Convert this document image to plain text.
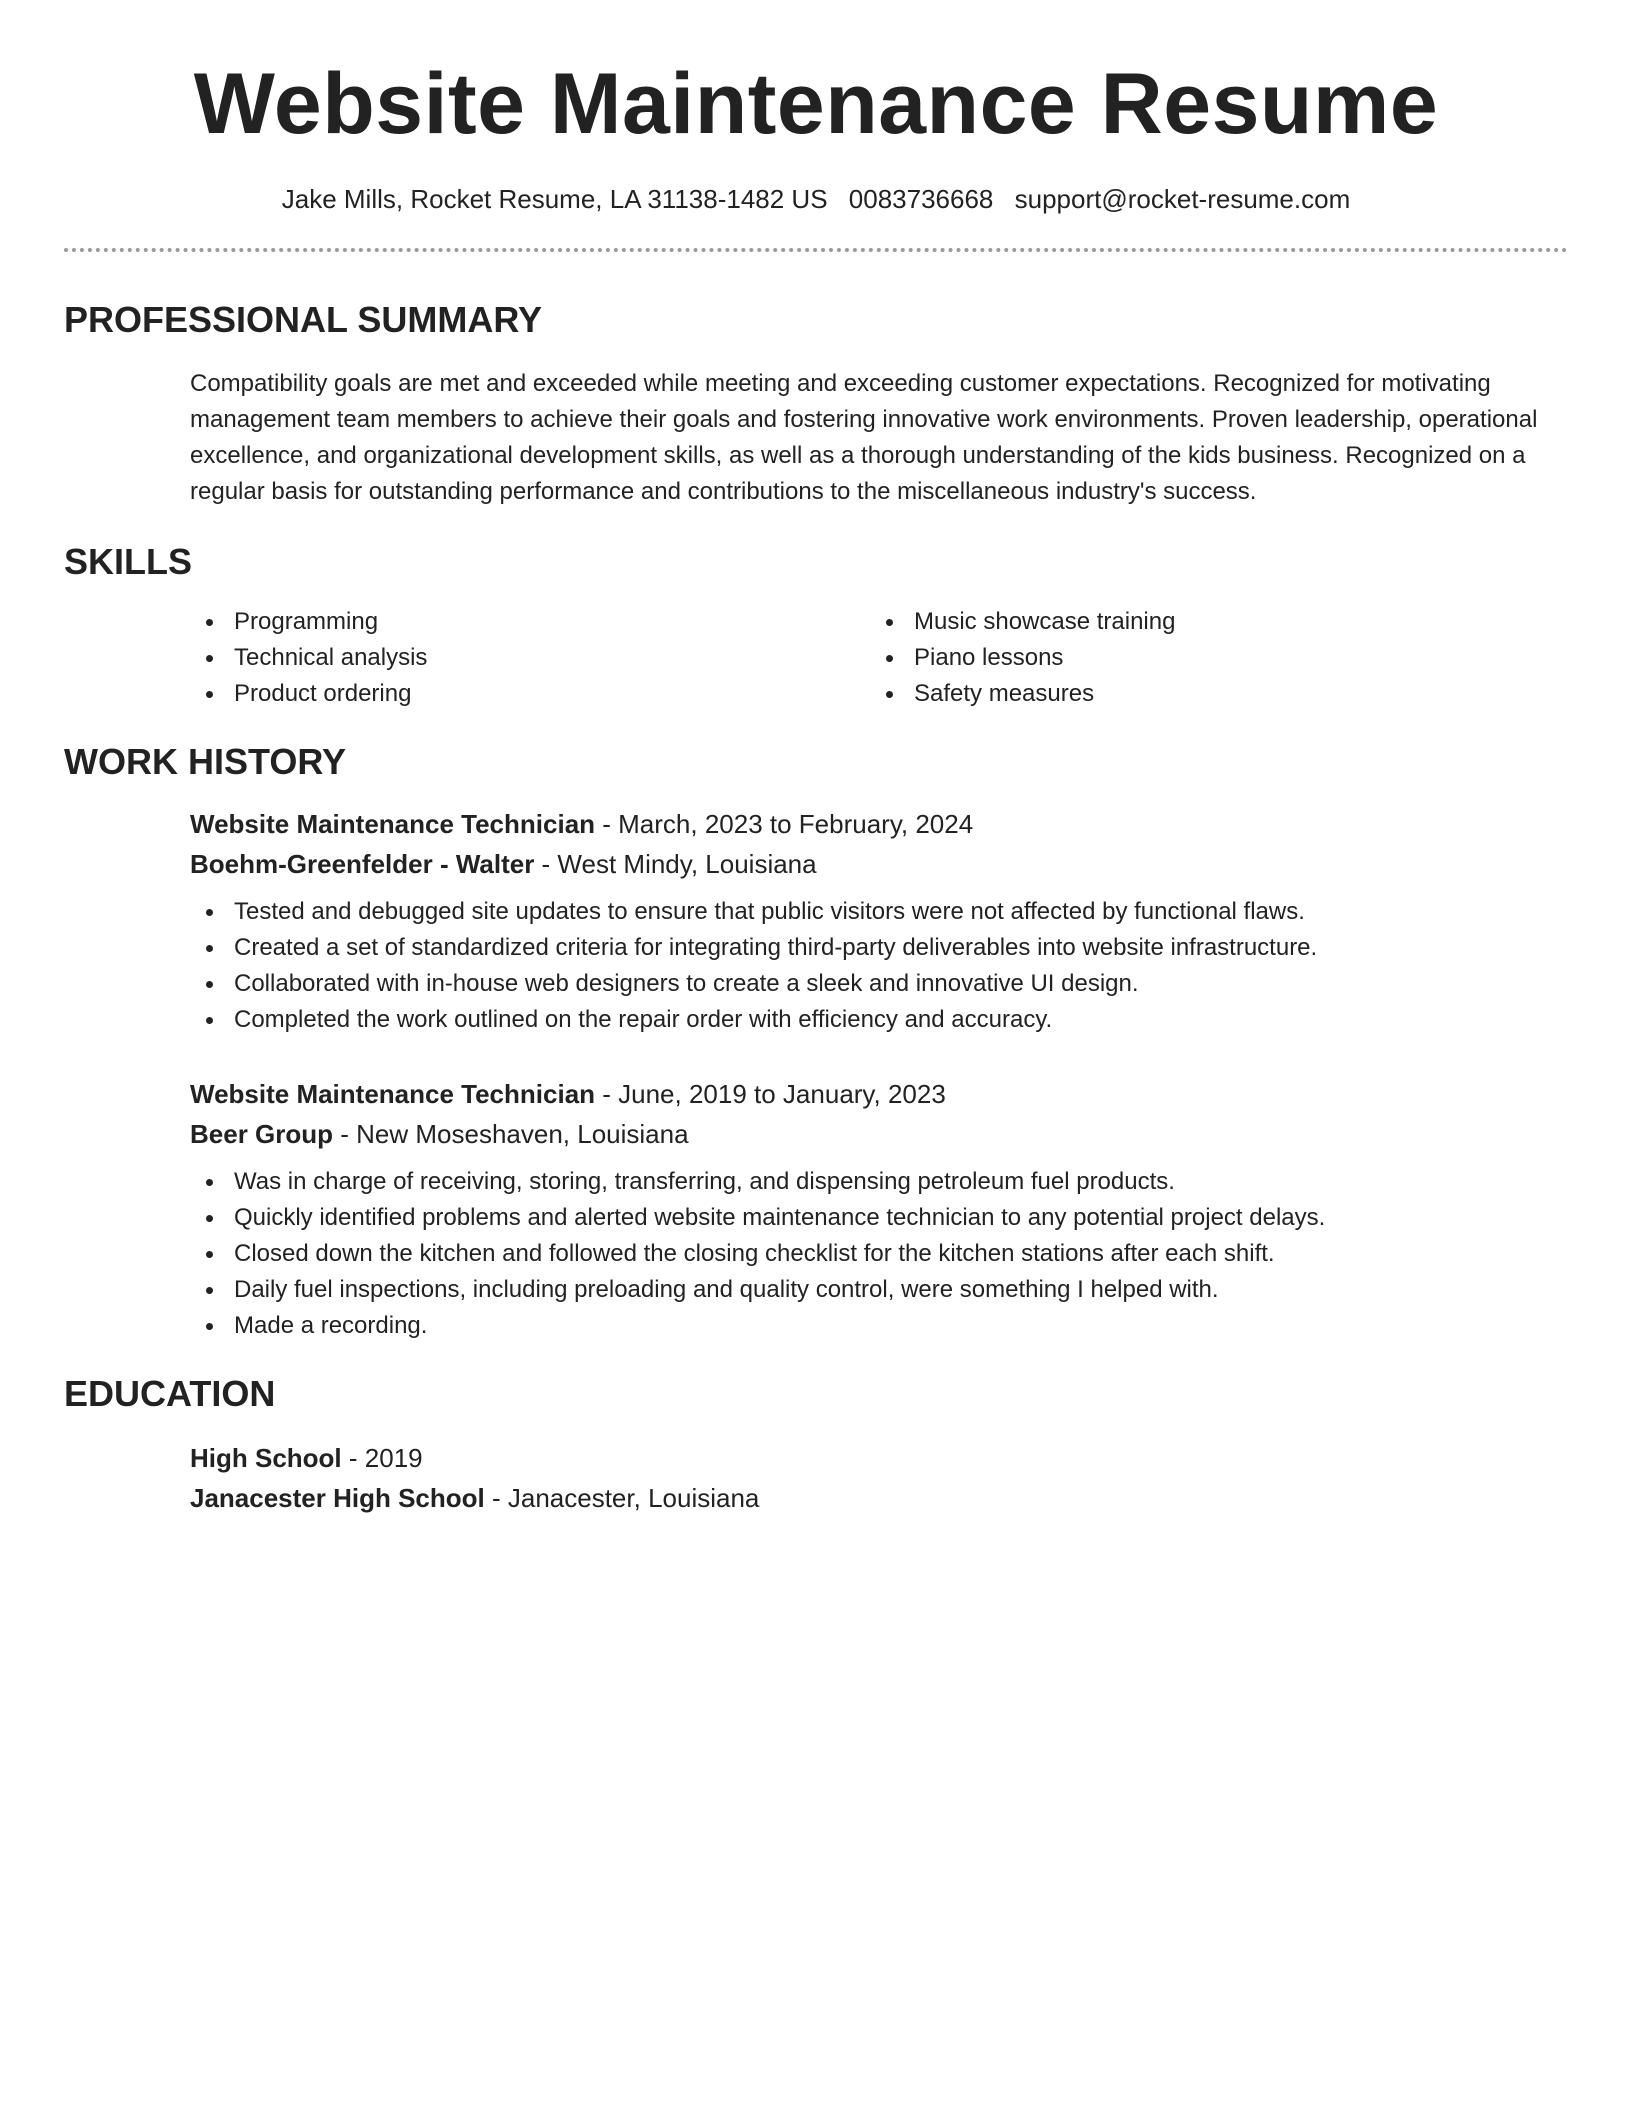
Website Maintenance Resume
Jake Mills, Rocket Resume, LA 31138-1482 US 0083736668 support@rocket-resume.com
PROFESSIONAL SUMMARY

Compatibility goals are met and exceeded while meeting and exceeding customer expectations. Recognized for motivating management team members to achieve their goals and fostering innovative work environments. Proven leadership, operational excellence, and organizational development skills, as well as a thorough understanding of the kids business. Recognized on a regular basis for outstanding performance and contributions to the miscellaneous industry's success.

SKILLS
Programming
Technical analysis
Product ordering
Music showcase training
Piano lessons
Safety measures
WORK HISTORY
Website Maintenance Technician - March, 2023 to February, 2024
Boehm-Greenfelder - Walter - West Mindy, Louisiana
Tested and debugged site updates to ensure that public visitors were not affected by functional flaws.
Created a set of standardized criteria for integrating third-party deliverables into website infrastructure.
Collaborated with in-house web designers to create a sleek and innovative UI design.
Completed the work outlined on the repair order with efficiency and accuracy.
Website Maintenance Technician - June, 2019 to January, 2023
Beer Group - New Moseshaven, Louisiana
Was in charge of receiving, storing, transferring, and dispensing petroleum fuel products.
Quickly identified problems and alerted website maintenance technician to any potential project delays.
Closed down the kitchen and followed the closing checklist for the kitchen stations after each shift.
Daily fuel inspections, including preloading and quality control, were something I helped with.
Made a recording.
EDUCATION
High School - 2019
Janacester High School - Janacester, Louisiana
